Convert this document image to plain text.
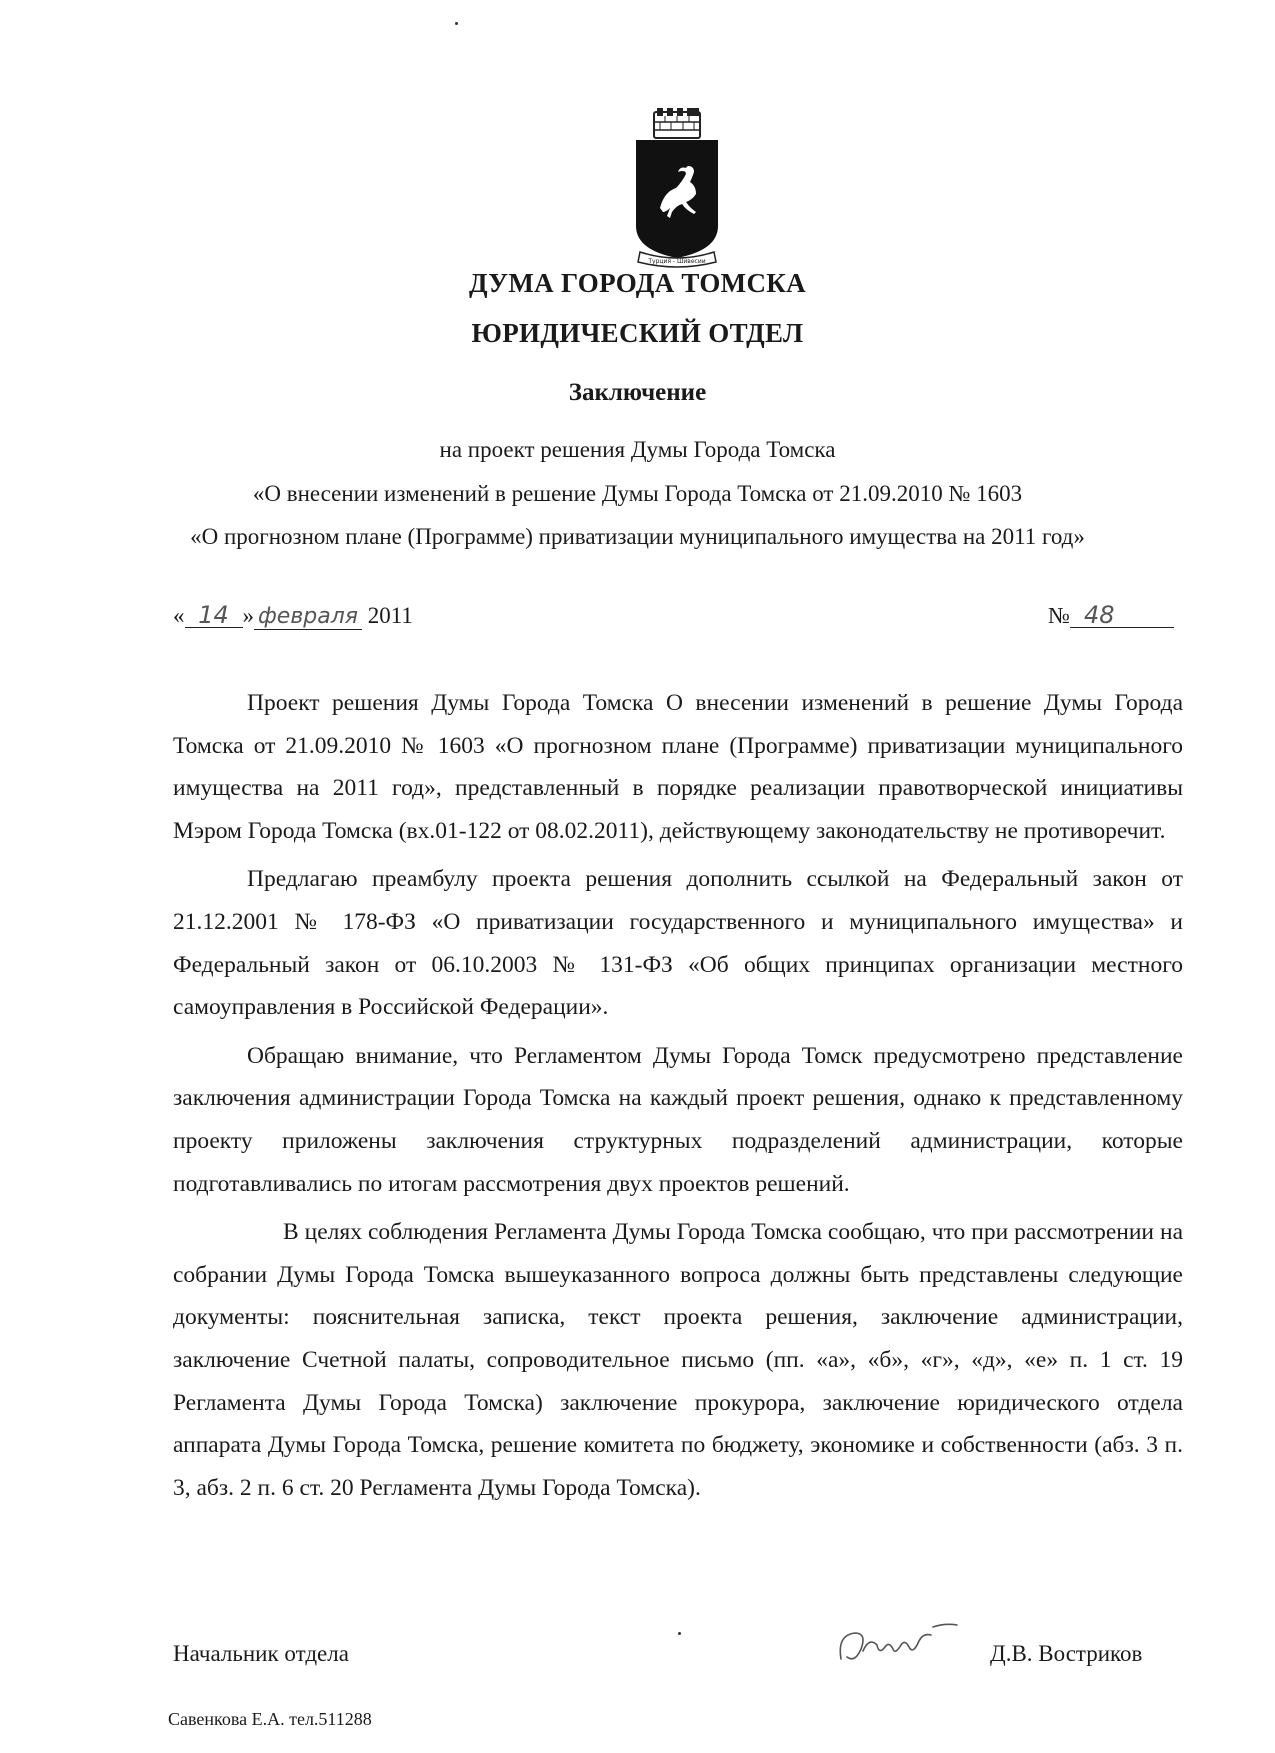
Турция - Шивесии
ДУМА ГОРОДА ТОМСКА
ЮРИДИЧЕСКИЙ ОТДЕЛ
Заключение
на проект решения Думы Города Томска
«О внесении изменений в решение Думы Города Томска от 21.09.2010 № 1603
«О прогнозном плане (Программе) приватизации муниципального имущества на 2011 год»
« 14 » февраля 2011	№ 48

Проект решения Думы Города Томска О внесении изменений в решение Думы Города Томска от 21.09.2010 № 1603 «О прогнозном плане (Программе) приватизации муниципального имущества на 2011 год», представленный в порядке реализации правотворческой инициативы Мэром Города Томска (вх.01-122 от 08.02.2011), действующему законодательству не противоречит.

Предлагаю преамбулу проекта решения дополнить ссылкой на Федеральный закон от 21.12.2001 № 178-ФЗ «О приватизации государственного и муниципального имущества» и Федеральный закон от 06.10.2003 № 131-ФЗ «Об общих принципах организации местного самоуправления в Российской Федерации».

Обращаю внимание, что Регламентом Думы Города Томск предусмотрено представление заключения администрации Города Томска на каждый проект решения, однако к представленному проекту приложены заключения структурных подразделений администрации, которые подготавливались по итогам рассмотрения двух проектов решений.

В целях соблюдения Регламента Думы Города Томска сообщаю, что при рассмотрении на собрании Думы Города Томска вышеуказанного вопроса должны быть представлены следующие документы: пояснительная записка, текст проекта решения, заключение администрации, заключение Счетной палаты, сопроводительное письмо (пп. «а», «б», «г», «д», «е» п. 1 ст. 19 Регламента Думы Города Томска) заключение прокурора, заключение юридического отдела аппарата Думы Города Томска, решение комитета по бюджету, экономике и собственности (абз. 3 п. 3, абз. 2 п. 6 ст. 20 Регламента Думы Города Томска).

Начальник отдела	Д.В. Востриков
Савенкова Е.А. тел.511288
